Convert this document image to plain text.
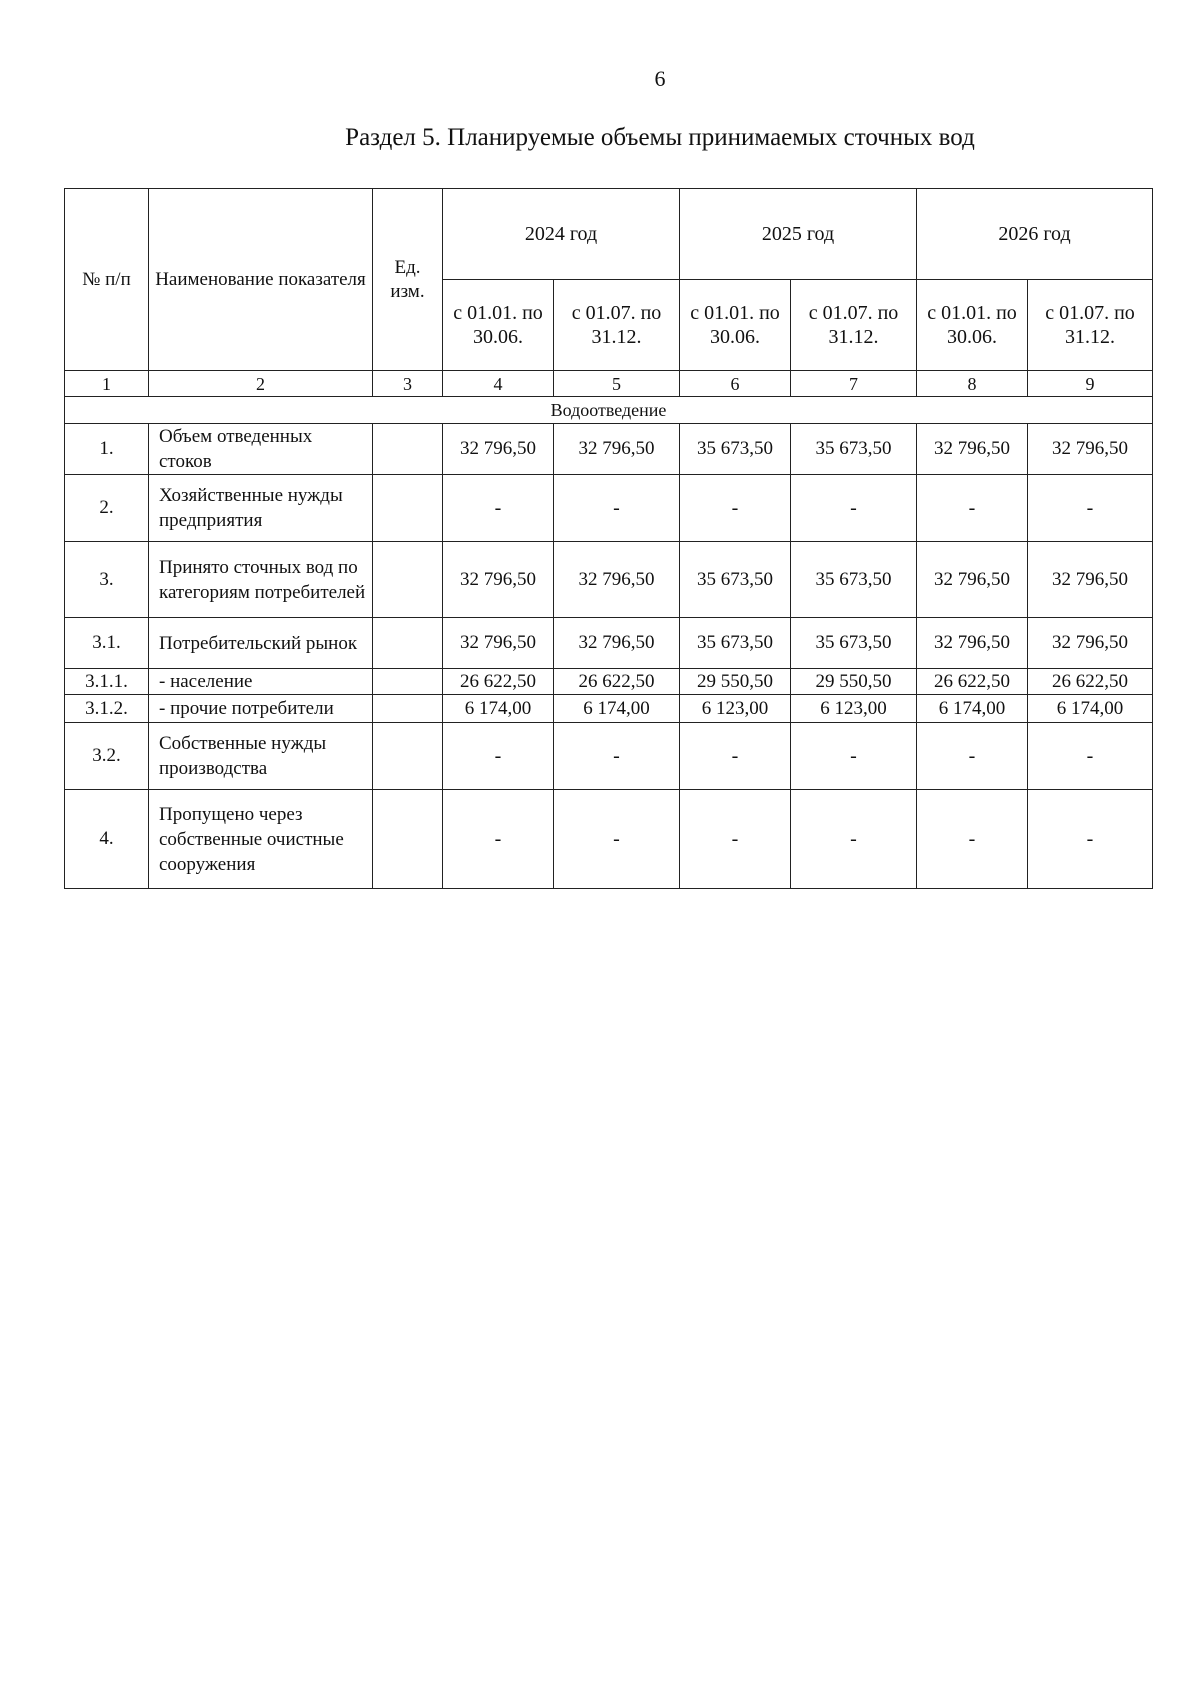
6
Раздел 5. Планируемые объемы принимаемых сточных вод
№ п/п	Наименование показателя	Ед. изм.	2024 год		2025 год		2026 год	
			с 01.01. по 30.06.	с 01.07. по 31.12.	с 01.01. по 30.06.	с 01.07. по 31.12.	с 01.01. по 30.06.	с 01.07. по 31.12.
1	2	3	4	5	6	7	8	9
Водоотведение								
1.	Объем отведенных стоков		32 796,50	32 796,50	35 673,50	35 673,50	32 796,50	32 796,50
2.	Хозяйственные нужды предприятия		-	-	-	-	-	-
3.	Принято сточных вод по категориям потребителей		32 796,50	32 796,50	35 673,50	35 673,50	32 796,50	32 796,50
3.1.	Потребительский рынок		32 796,50	32 796,50	35 673,50	35 673,50	32 796,50	32 796,50
3.1.1.	- население		26 622,50	26 622,50	29 550,50	29 550,50	26 622,50	26 622,50
3.1.2.	- прочие потребители		6 174,00	6 174,00	6 123,00	6 123,00	6 174,00	6 174,00
3.2.	Собственные нужды производства		-	-	-	-	-	-
4.	Пропущено через собственные очистные сооружения		-	-	-	-	-	-
